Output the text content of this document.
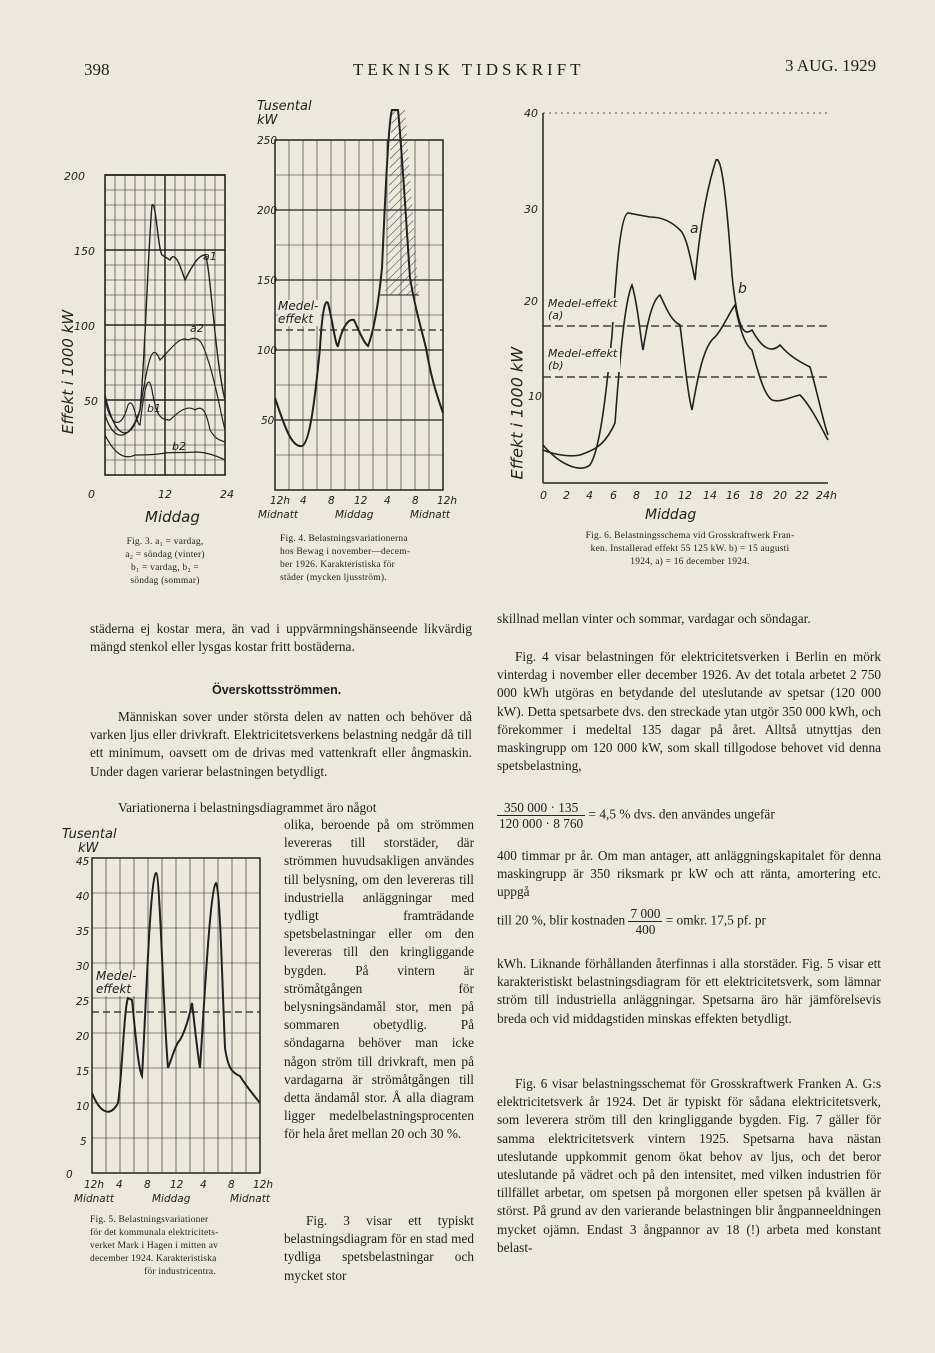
398	TEKNISK TIDSKRIFT	3 AUG. 1929
200
150
100
50
0	12	24
Middag
a1
a2
b1
b2
Effekt i 1000 kW
Fig. 3. a₁ = vardag,
a₂ = söndag (vinter)
b₁ = vardag, b₂ =
söndag (sommar)
Tusental
kW
250
200
150
100
50
12h 4 8 12 4 8 12h
Midnatt	Middag	Midnatt
Medel-effekt
Fig. 4. Belastningsvariationerna
hos Bewag i november—decem-
ber 1926. Karakteristiska för
städer (mycken ljusström).
40
30
20
10
0 2 4 6 8 10 12 14 16 18 20 22 24h
Middag
a
b
Effekt i 1000 kW
Medel-effekt (a)
Medel-effekt (b)
Fig. 6. Belastningsschema vid Grosskraftwerk Fran-
ken. Installerad effekt 55 125 kW. b) = 15 augusti
1924, a) = 16 december 1924.
städerna ej kostar mera, än vad i uppvärmningshänseende likvärdig mängd stenkol eller lysgas kostar fritt bostäderna.
Överskottsströmmen.
Människan sover under största delen av natten och behöver då varken ljus eller drivkraft. Elektricitetsverkens belastning nedgår då till ett minimum, oavsett om de drivas med vattenkraft eller ångmaskin. Under dagen varierar belastningen betydligt.
Variationerna i belastningsdiagrammet äro något
olika, beroende på om strömmen levereras till storstäder, där strömmen huvudsakligen användes till belysning, om den levereras till industriella anläggningar med tydligt framträdande spetsbelastningar eller om den levereras till den kringliggande bygden. På vintern är strömåtgången för belysningsändamål stor, men på sommaren obetydlig. På söndagarna behöver man icke någon ström till drivkraft, men på vardagarna är strömåtgången till detta ändamål stor. Å alla diagram ligger medelbelastningsprocenten för hela året mellan 20 och 30 %.
Fig. 3 visar ett typiskt belastningsdiagram för en stad med tydliga spetsbelastningar och mycket stor
Tusental
kW
45
40
35
30
25
20
15
10
5
0
12h 4 8 12 4 8 12h
Midnatt	Middag	Midnatt
Medel-effekt
Fig. 5. Belastningsvariationer
för det kommunala elektricitets-
verket Mark i Hagen i mitten av
december 1924. Karakteristiska
för industricentra.
skillnad mellan vinter och sommar, vardagar och söndagar.
Fig. 4 visar belastningen för elektricitetsverken i Berlin en mörk vinterdag i november eller december 1926. Av det totala arbetet 2 750 000 kWh utgöras en betydande del uteslutande av spetsar (120 000 kW). Detta spetsarbete dvs. den streckade ytan utgör 350 000 kWh, och förekommer i medeltal 135 dagar på året. Alltså utnyttjas den maskingrupp om 120 000 kW, som skall tillgodose behovet vid denna spetsbelastning,
$\frac{350 000 \cdot 135}{120 000 \cdot 8 760} = 4,5$ % dvs. den användes ungefär
400 timmar pr år. Om man antager, att anläggningskapitalet för denna maskingrupp är 350 riksmark pr kW och att ränta, amortering etc. uppgå
till 20 %, blir kostnaden $\frac{7 000}{400}$ = omkr. 17,5 pf. pr
kWh. Liknande förhållanden återfinnas i alla storstäder. Fig. 5 visar ett karakteristiskt belastningsdiagram för ett elektricitetsverk, som lämnar ström till industriella anläggningar. Spetsarna äro här jämförelsevis breda och vid middagstiden minskas effekten betydligt.
Fig. 6 visar belastningsschemat för Grosskraftwerk Franken A. G:s elektricitetsverk år 1924. Det är typiskt för sådana elektricitetsverk, som leverera ström till den kringliggande bygden. Fig. 7 gäller för samma elektricitetsverk vintern 1925. Spetsarna hava nästan uteslutande uppkommit genom ökat behov av ljus, och det beror uteslutande på vädret och på den intensitet, med vilken industrien för tillfället arbetar, om spetsen på morgonen eller spetsen på kvällen är störst. På grund av den varierande belastningen blir ångpanneeldningen mycket ojämn. Endast 3 ångpannor av 18 (!) arbeta med konstant belast-
